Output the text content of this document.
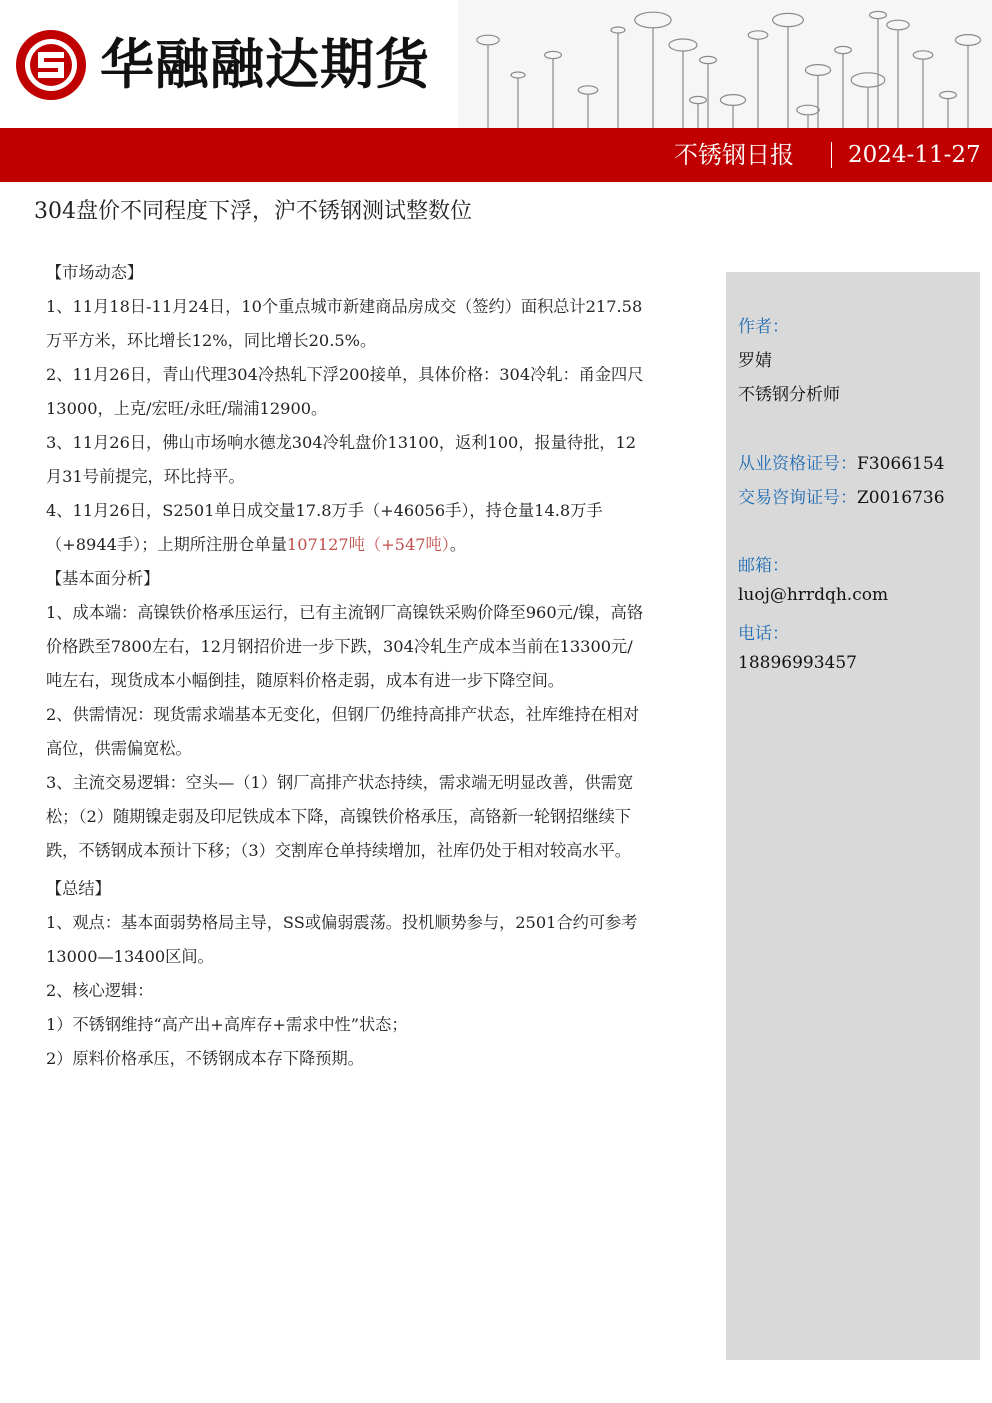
华融融达期货
不锈钢日报 2024-11-27
304盘价不同程度下浮，沪不锈钢测试整数位

【市场动态】

1、11月18日-11月24日，10个重点城市新建商品房成交（签约）面积总计217.58万平方米，环比增长12%，同比增长20.5%。

2、11月26日，青山代理304冷热轧下浮200接单，具体价格：304冷轧：甬金四尺13000，上克/宏旺/永旺/瑞浦12900。

3、11月26日，佛山市场响水德龙304冷轧盘价13100，返利100，报量待批，12月31号前提完，环比持平。

4、11月26日，S2501单日成交量17.8万手（+46056手），持仓量14.8万手（+8944手）；上期所注册仓单量107127吨（+547吨）。

【基本面分析】

1、成本端：高镍铁价格承压运行，已有主流钢厂高镍铁采购价降至960元/镍，高铬价格跌至7800左右，12月钢招价进一步下跌，304冷轧生产成本当前在13300元/吨左右，现货成本小幅倒挂，随原料价格走弱，成本有进一步下降空间。

2、供需情况：现货需求端基本无变化，但钢厂仍维持高排产状态，社库维持在相对高位，供需偏宽松。

3、主流交易逻辑：空头—（1）钢厂高排产状态持续，需求端无明显改善，供需宽松；（2）随期镍走弱及印尼铁成本下降，高镍铁价格承压，高铬新一轮钢招继续下跌，不锈钢成本预计下移；（3）交割库仓单持续增加，社库仍处于相对较高水平。

【总结】

1、观点：基本面弱势格局主导，SS或偏弱震荡。投机顺势参与，2501合约可参考13000—13400区间。

2、核心逻辑：

1）不锈钢维持“高产出+高库存+需求中性”状态；

2）原料价格承压，不锈钢成本存下降预期。

作者：
罗婧
不锈钢分析师
从业资格证号：F3066154
交易咨询证号：Z0016736
邮箱：
luoj@hrrdqh.com
电话：
18896993457
